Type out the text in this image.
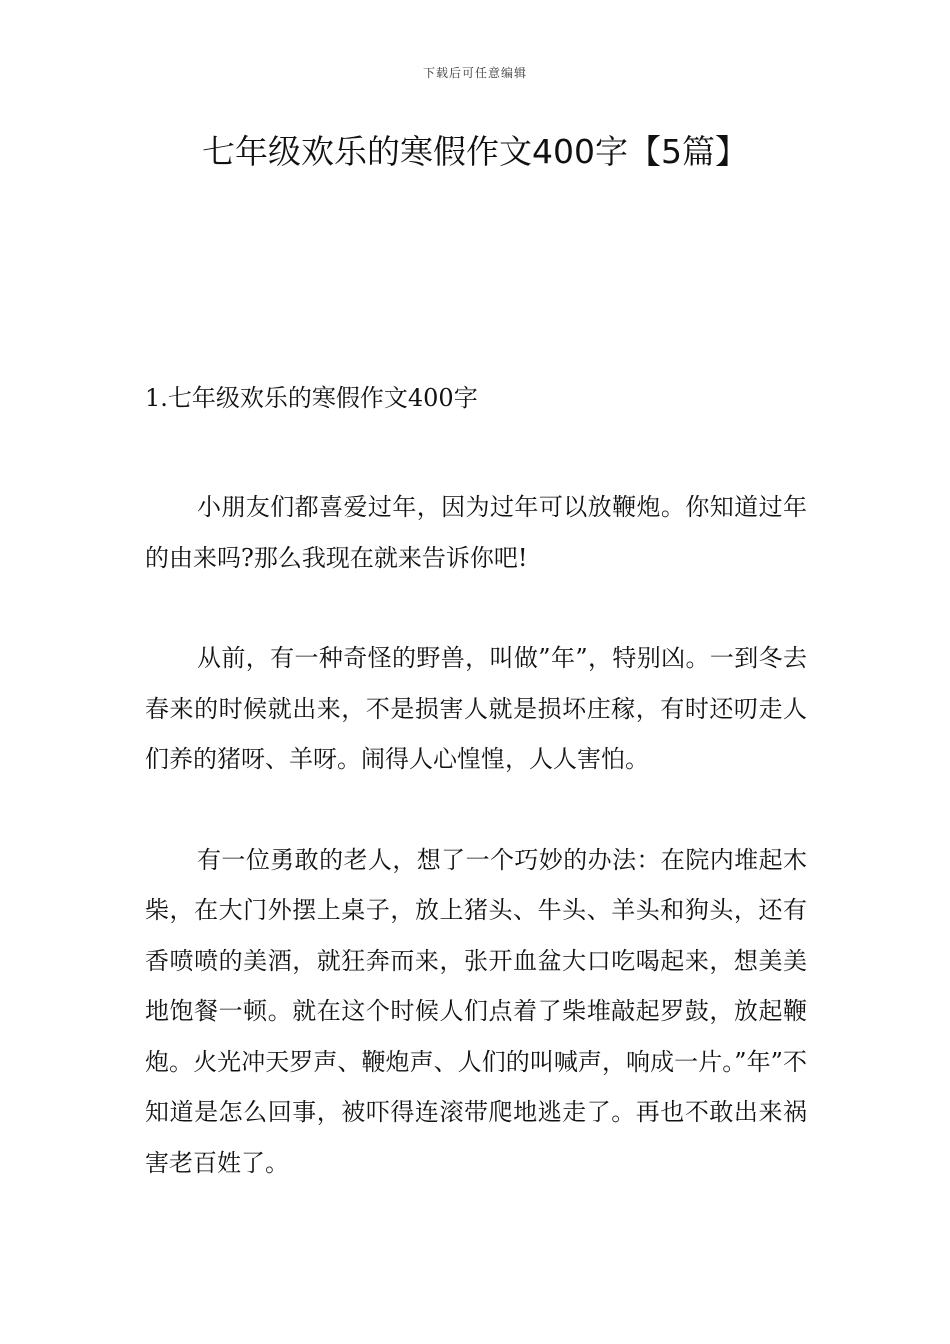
下载后可任意编辑
七年级欢乐的寒假作文400字【5篇】
1.七年级欢乐的寒假作文400字

小朋友们都喜爱过年，因为过年可以放鞭炮。你知道过年的由来吗?那么我现在就来告诉你吧!

从前，有一种奇怪的野兽，叫做”年”，特别凶。一到冬去春来的时候就出来，不是损害人就是损坏庄稼，有时还叨走人们养的猪呀、羊呀。闹得人心惶惶，人人害怕。

有一位勇敢的老人，想了一个巧妙的办法：在院内堆起木柴，在大门外摆上桌子，放上猪头、牛头、羊头和狗头，还有香喷喷的美酒，就狂奔而来，张开血盆大口吃喝起来，想美美地饱餐一顿。就在这个时候人们点着了柴堆敲起罗鼓，放起鞭炮。火光冲天罗声、鞭炮声、人们的叫喊声，响成一片。”年”不知道是怎么回事，被吓得连滚带爬地逃走了。再也不敢出来祸害老百姓了。
